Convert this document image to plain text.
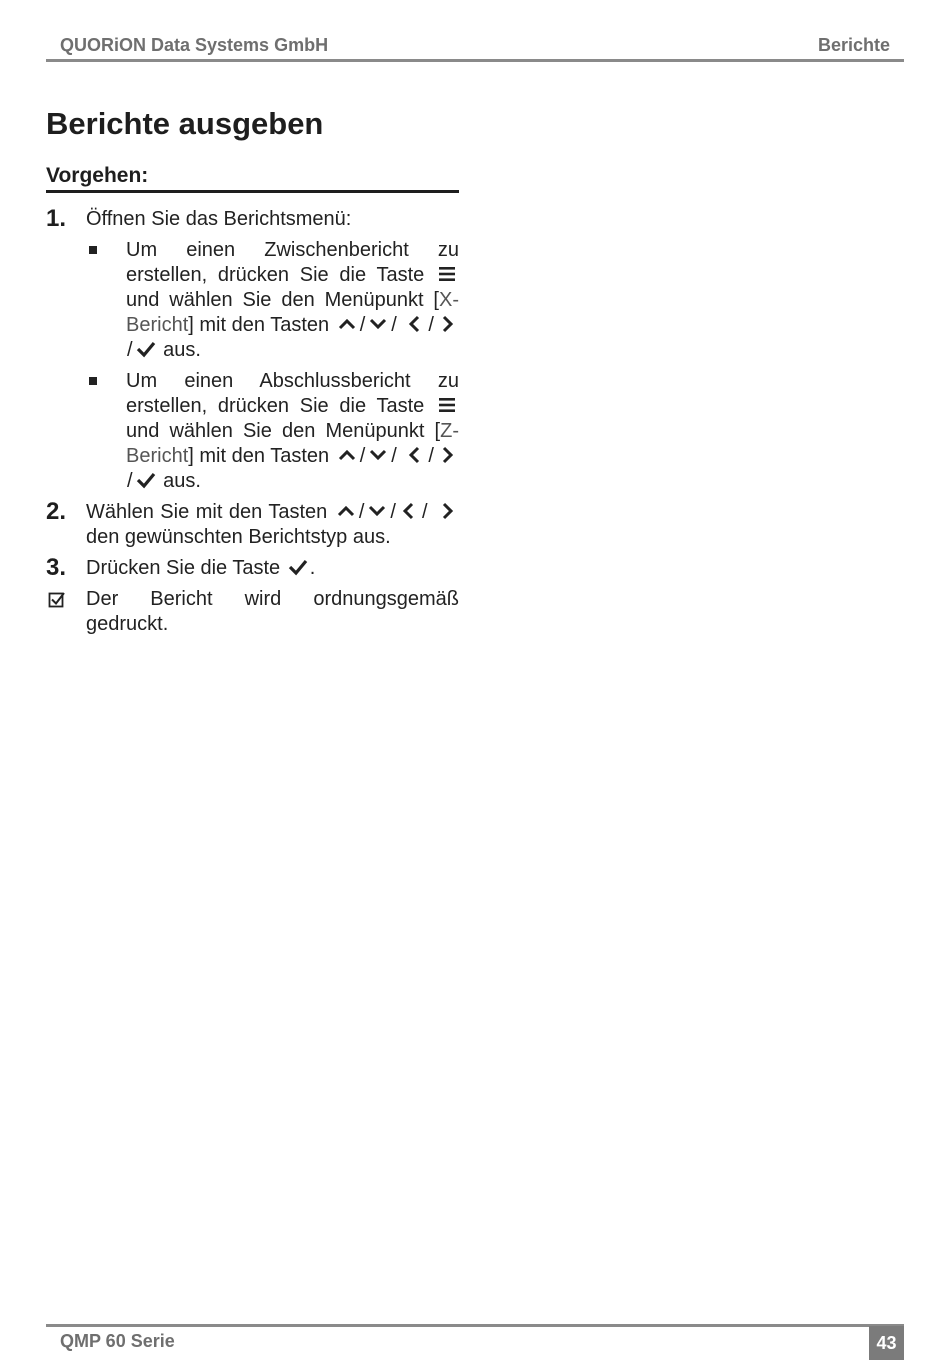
QUORiON Data Systems GmbH	Berichte
Berichte ausgeben
Vorgehen:
1. Öffnen Sie das Berichtsmenü:
Um einen Zwischenbericht zu erstellen, drücken Sie die Taste
und wählen Sie den Menüpunkt [X-Bericht] mit den Tasten / / /
/ aus.
Um einen Abschlussbericht zu erstellen, drücken Sie die Taste
und wählen Sie den Menüpunkt [Z-Bericht] mit den Tasten / / /
/ aus.
2. Wählen Sie mit den Tasten / / /
den gewünschten Berichtstyp aus.
3. Drücken Sie die Taste .
Der Bericht wird ordnungsgemäß gedruckt.
QMP 60 Serie	43
